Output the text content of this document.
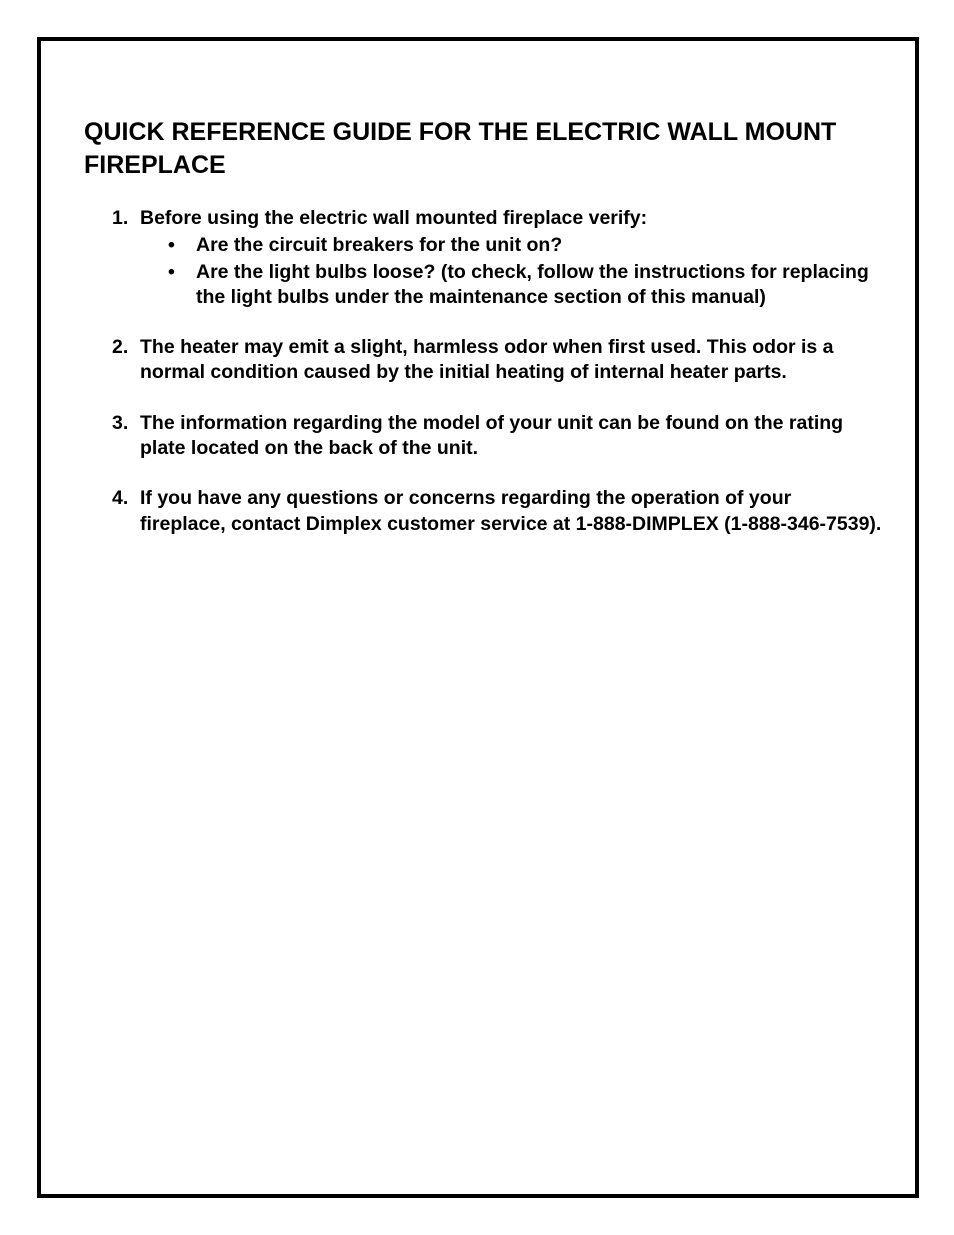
QUICK REFERENCE GUIDE FOR THE ELECTRIC WALL MOUNT FIREPLACE
1. Before using the electric wall mounted fireplace verify:
• Are the circuit breakers for the unit on?
• Are the light bulbs loose? (to check, follow the instructions for replacing the light bulbs under the maintenance section of this manual)
2. The heater may emit a slight, harmless odor when first used. This odor is a normal condition caused by the initial heating of internal heater parts.
3. The information regarding the model of your unit can be found on the rating plate located on the back of the unit.
4. If you have any questions or concerns regarding the operation of your fireplace, contact Dimplex customer service at 1-888-DIMPLEX (1-888-346-7539).
